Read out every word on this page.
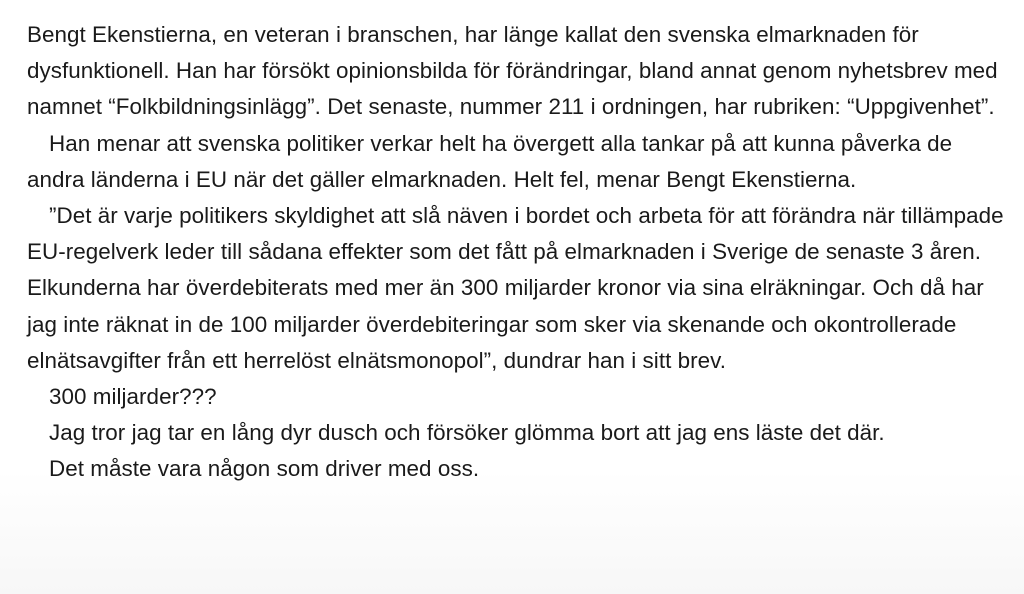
Bengt Ekenstierna, en veteran i branschen, har länge kallat den svenska elmarknaden för dysfunktionell. Han har försökt opinionsbilda för förändringar, bland annat genom nyhetsbrev med namnet “Folkbildningsinlägg”. Det senaste, nummer 211 i ordningen, har rubriken: “Uppgivenhet”.

Han menar att svenska politiker verkar helt ha övergett alla tankar på att kunna påverka de andra länderna i EU när det gäller elmarknaden. Helt fel, menar Bengt Ekenstierna.

”Det är varje politikers skyldighet att slå näven i bordet och arbeta för att förändra när tillämpade EU-regelverk leder till sådana effekter som det fått på elmarknaden i Sverige de senaste 3 åren. Elkunderna har överdebiterats med mer än 300 miljarder kronor via sina elräkningar. Och då har jag inte räknat in de 100 miljarder överdebiteringar som sker via skenande och okontrollerade elnätsavgifter från ett herrelöst elnätsmonopol”, dundrar han i sitt brev.

300 miljarder???

Jag tror jag tar en lång dyr dusch och försöker glömma bort att jag ens läste det där.

Det måste vara någon som driver med oss.
